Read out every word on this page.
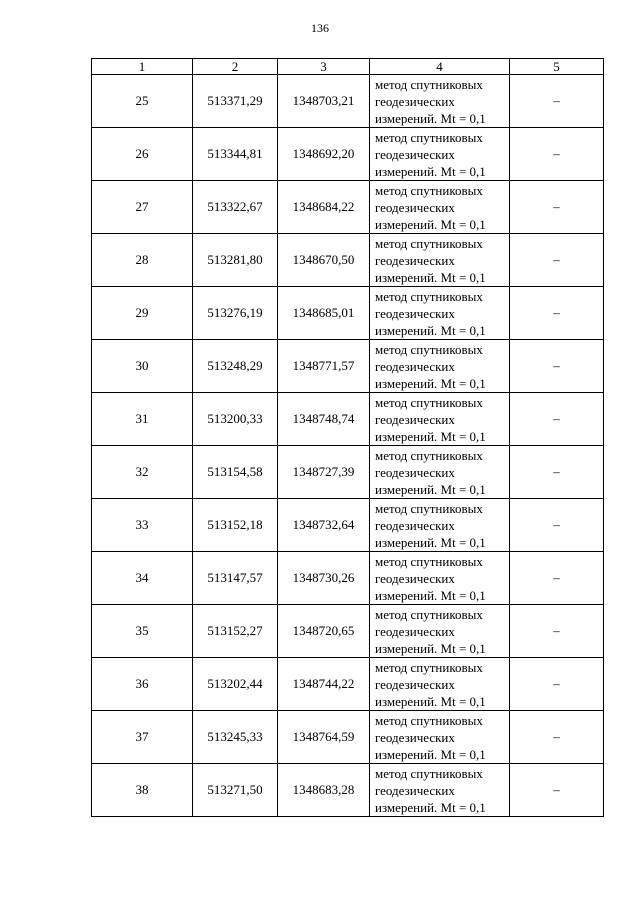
136
1	2	3	4	5
25	513371,29	1348703,21	метод спутниковых
геодезических
измерений. Mt = 0,1	–
26	513344,81	1348692,20	метод спутниковых
геодезических
измерений. Mt = 0,1	–
27	513322,67	1348684,22	метод спутниковых
геодезических
измерений. Mt = 0,1	–
28	513281,80	1348670,50	метод спутниковых
геодезических
измерений. Mt = 0,1	–
29	513276,19	1348685,01	метод спутниковых
геодезических
измерений. Mt = 0,1	–
30	513248,29	1348771,57	метод спутниковых
геодезических
измерений. Mt = 0,1	–
31	513200,33	1348748,74	метод спутниковых
геодезических
измерений. Mt = 0,1	–
32	513154,58	1348727,39	метод спутниковых
геодезических
измерений. Mt = 0,1	–
33	513152,18	1348732,64	метод спутниковых
геодезических
измерений. Mt = 0,1	–
34	513147,57	1348730,26	метод спутниковых
геодезических
измерений. Mt = 0,1	–
35	513152,27	1348720,65	метод спутниковых
геодезических
измерений. Mt = 0,1	–
36	513202,44	1348744,22	метод спутниковых
геодезических
измерений. Mt = 0,1	–
37	513245,33	1348764,59	метод спутниковых
геодезических
измерений. Mt = 0,1	–
38	513271,50	1348683,28	метод спутниковых
геодезических
измерений. Mt = 0,1	–
